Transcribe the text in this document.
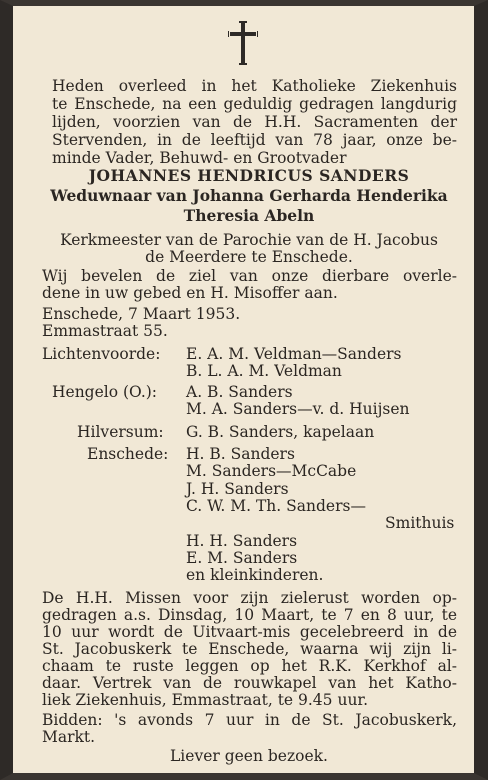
Heden overleed in het Katholieke Ziekenhuis

te Enschede, na een geduldig gedragen langdurig

lijden, voorzien van de H.H. Sacramenten der

Stervenden, in de leeftijd van 78 jaar, onze be-

minde Vader, Behuwd- en Grootvader

JOHANNES HENDRICUS SANDERS

Weduwnaar van Johanna Gerharda Henderika

Theresia Abeln

Kerkmeester van de Parochie van de H. Jacobus

de Meerdere te Enschede.

Wij bevelen de ziel van onze dierbare overle-

dene in uw gebed en H. Misoffer aan.

Enschede, 7 Maart 1953.

Emmastraat 55.

Lichtenvoorde: E. A. M. Veldman—Sanders

B. L. A. M. Veldman

Hengelo (O.): A. B. Sanders

M. A. Sanders—v. d. Huijsen

Hilversum: G. B. Sanders, kapelaan

Enschede: H. B. Sanders

M. Sanders—McCabe

J. H. Sanders

C. W. M. Th. Sanders—

Smithuis

H. H. Sanders

E. M. Sanders

en kleinkinderen.

De H.H. Missen voor zijn zielerust worden op-

gedragen a.s. Dinsdag, 10 Maart, te 7 en 8 uur, te

10 uur wordt de Uitvaart-mis gecelebreerd in de

St. Jacobuskerk te Enschede, waarna wij zijn li-

chaam te ruste leggen op het R.K. Kerkhof al-

daar. Vertrek van de rouwkapel van het Katho-

liek Ziekenhuis, Emmastraat, te 9.45 uur.

Bidden: 's avonds 7 uur in de St. Jacobuskerk,

Markt.

Liever geen bezoek.
